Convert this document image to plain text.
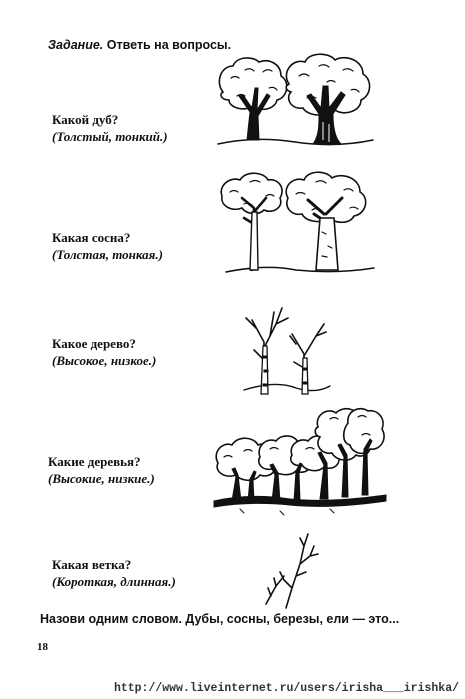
Задание. Ответь на вопросы.
Какой дуб?
(Толстый, тонкий.)
Какая сосна?
(Толстая, тонкая.)
Какое дерево?
(Высокое, низкое.)
Какие деревья?
(Высокие, низкие.)
Какая ветка?
(Короткая, длинная.)
Назови одним словом. Дубы, сосны, березы, ели — это...
18
http://www.liveinternet.ru/users/irisha___irishka/
